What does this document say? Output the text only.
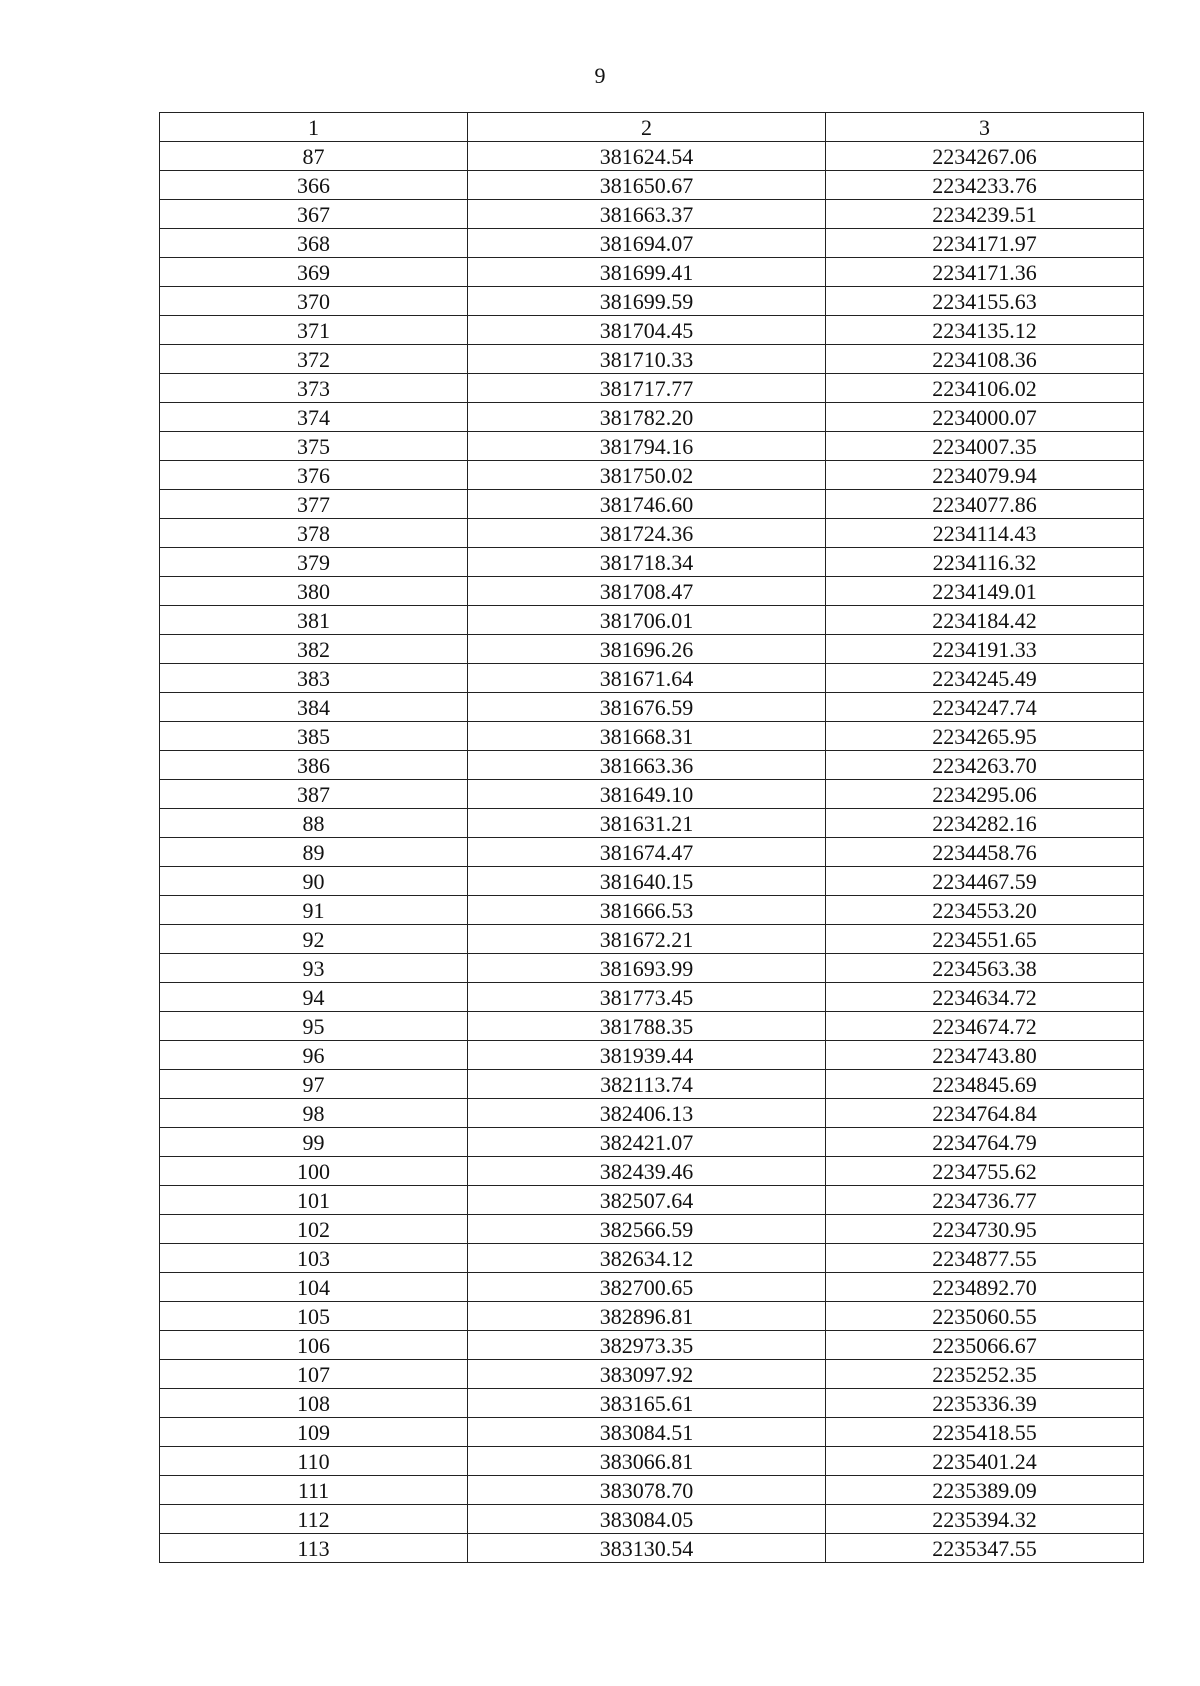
9
1	2	3
87	381624.54	2234267.06
366	381650.67	2234233.76
367	381663.37	2234239.51
368	381694.07	2234171.97
369	381699.41	2234171.36
370	381699.59	2234155.63
371	381704.45	2234135.12
372	381710.33	2234108.36
373	381717.77	2234106.02
374	381782.20	2234000.07
375	381794.16	2234007.35
376	381750.02	2234079.94
377	381746.60	2234077.86
378	381724.36	2234114.43
379	381718.34	2234116.32
380	381708.47	2234149.01
381	381706.01	2234184.42
382	381696.26	2234191.33
383	381671.64	2234245.49
384	381676.59	2234247.74
385	381668.31	2234265.95
386	381663.36	2234263.70
387	381649.10	2234295.06
88	381631.21	2234282.16
89	381674.47	2234458.76
90	381640.15	2234467.59
91	381666.53	2234553.20
92	381672.21	2234551.65
93	381693.99	2234563.38
94	381773.45	2234634.72
95	381788.35	2234674.72
96	381939.44	2234743.80
97	382113.74	2234845.69
98	382406.13	2234764.84
99	382421.07	2234764.79
100	382439.46	2234755.62
101	382507.64	2234736.77
102	382566.59	2234730.95
103	382634.12	2234877.55
104	382700.65	2234892.70
105	382896.81	2235060.55
106	382973.35	2235066.67
107	383097.92	2235252.35
108	383165.61	2235336.39
109	383084.51	2235418.55
110	383066.81	2235401.24
111	383078.70	2235389.09
112	383084.05	2235394.32
113	383130.54	2235347.55
